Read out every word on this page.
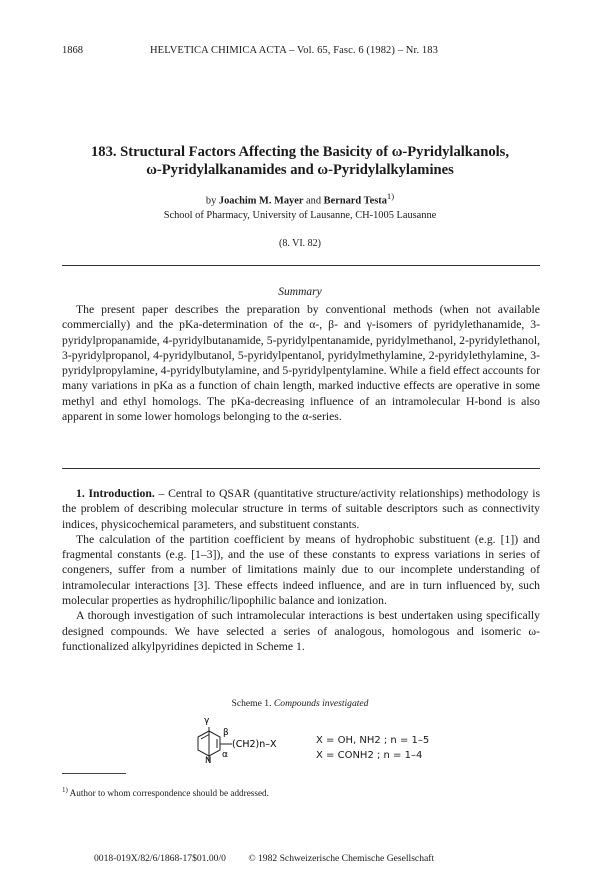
1868	HELVETICA CHIMICA ACTA – Vol. 65, Fasc. 6 (1982) – Nr. 183
183. Structural Factors Affecting the Basicity of ω-Pyridylalkanols,
ω-Pyridylalkanamides and ω-Pyridylalkylamines
by Joachim M. Mayer and Bernard Testa$^{1)}$
School of Pharmacy, University of Lausanne, CH-1005 Lausanne
(8. VI. 82)
Summary

The present paper describes the preparation by conventional methods (when not available commercially) and the pKa-determination of the α-, β- and γ-isomers of pyridylethanamide, 3-pyridylpropanamide, 4-pyridylbutanamide, 5-pyridylpentanamide, pyridylmethanol, 2-pyridylethanol, 3-pyridylpropanol, 4-pyridylbutanol, 5-pyridylpentanol, pyridylmethylamine, 2-pyridylethylamine, 3-pyridylpropylamine, 4-pyridylbutylamine, and 5-pyridylpentylamine. While a field effect accounts for many variations in pKa as a function of chain length, marked inductive effects are operative in some methyl and ethyl homologs. The pKa-decreasing influence of an intramolecular H-bond is also apparent in some lower homologs belonging to the α-series.

1. Introduction. – Central to QSAR (quantitative structure/activity relationships) methodology is the problem of describing molecular structure in terms of suitable descriptors such as connectivity indices, physicochemical parameters, and substituent constants.
The calculation of the partition coefficient by means of hydrophobic substituent (e.g. [1]) and fragmental constants (e.g. [1–3]), and the use of these constants to express variations in series of congeners, suffer from a number of limitations mainly due to our incomplete understanding of intramolecular interactions [3]. These effects indeed influence, and are in turn influenced by, such molecular properties as hydrophilic/lipophilic balance and ionization.
A thorough investigation of such intramolecular interactions is best undertaken using specifically designed compounds. We have selected a series of analogous, homologous and isomeric ω-functionalized alkylpyridines depicted in Scheme 1.
Scheme 1. Compounds investigated
γ
β
α
N
(CH2)n–X	X = OH, NH2 ; n = 1–5
X = CONH2 ; n = 1–4
$^{1)}$ Author to whom correspondence should be addressed.
0018-019X/82/6/1868-17$01.00/0 © 1982 Schweizerische Chemische Gesellschaft
